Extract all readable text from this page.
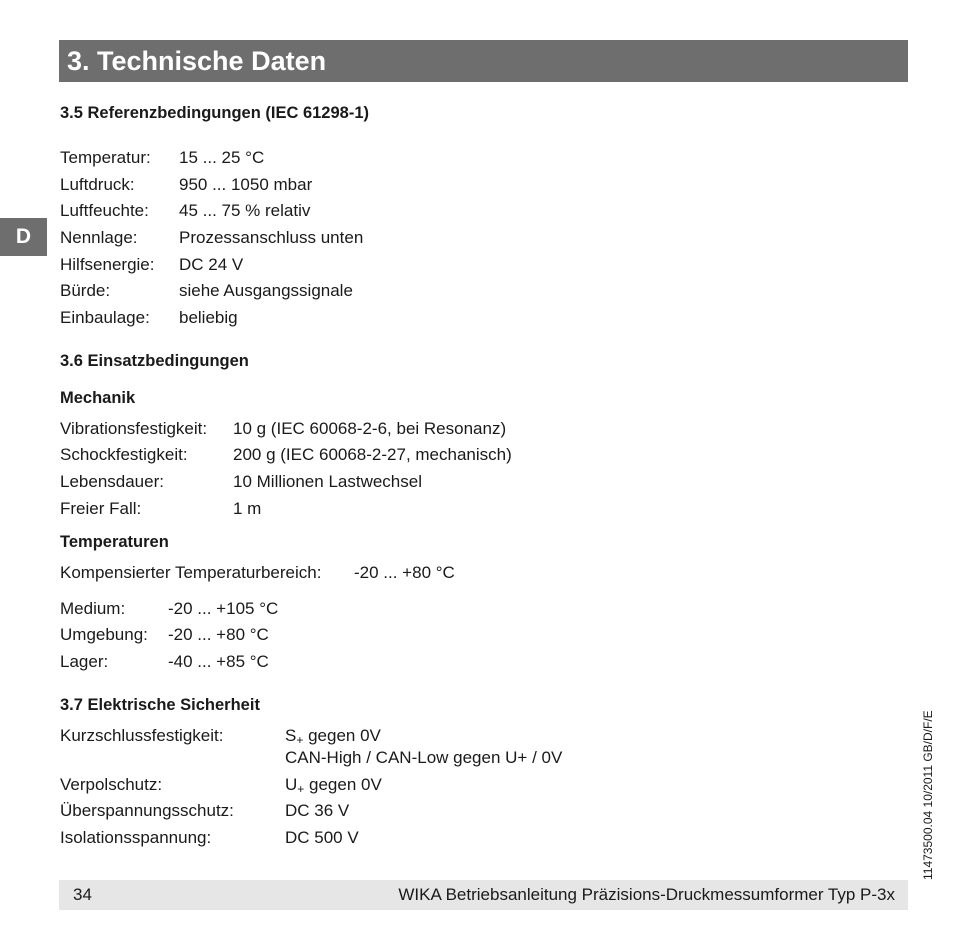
3. Technische Daten
D
3.5 Referenzbedingungen (IEC 61298-1)
Temperatur: 15 ... 25 °C
Luftdruck:	950 ... 1050 mbar
Luftfeuchte: 45 ... 75 % relativ
Nennlage: Prozessanschluss unten
Hilfsenergie: DC 24 V
Bürde:	siehe Ausgangssignale
Einbaulage: beliebig
3.6 Einsatzbedingungen
Mechanik
Vibrationsfestigkeit: 10 g (IEC 60068-2-6, bei Resonanz)
Schockfestigkeit:	200 g (IEC 60068-2-27, mechanisch)
Lebensdauer:	10 Millionen Lastwechsel
Freier Fall:	1 m
Temperaturen
Kompensierter Temperaturbereich: -20 ... +80 °C
Medium:	-20 ... +105 °C
Umgebung: -20 ... +80 °C
Lager:	-40 ... +85 °C
3.7 Elektrische Sicherheit
Kurzschlussfestigkeit:	$S_+$ gegen 0V
CAN-High / CAN-Low gegen U+ / 0V
Verpolschutz:	$U_+$ gegen 0V
Überspannungsschutz:	DC 36 V
Isolationsspannung:	DC 500 V
34	WIKA Betriebsanleitung Präzisions-Druckmessumformer Typ P-3x
11473500.04 10/2011 GB/D/F/E
